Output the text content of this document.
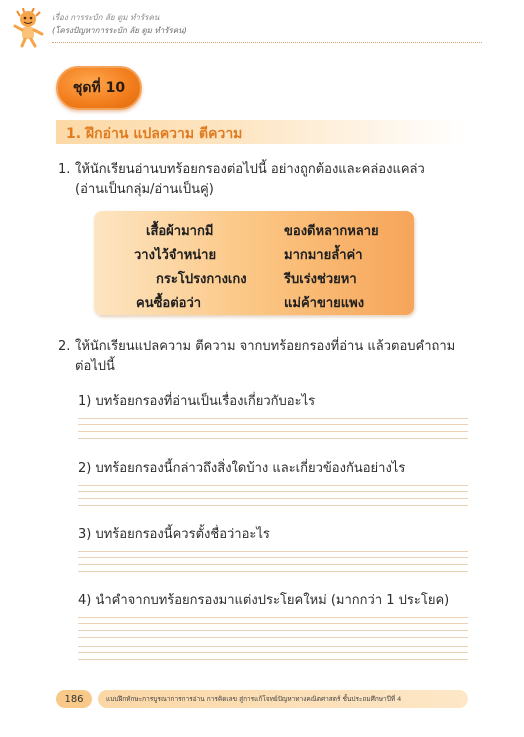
เรื่อง การระบัก ลัย ตูม ทำรัรคน
(โครงปัญหาการระบัก ลัย ตูม ทำรัรคน)
ชุดที่ 10
1. ฝึกอ่าน แปลความ ตีความ
1. ให้นักเรียนอ่านบทร้อยกรองต่อไปนี้ อย่างถูกต้องและคล่องแคล่ว
(อ่านเป็นกลุ่ม/อ่านเป็นคู่)
เสื้อผ้ามากมี	ของดีหลากหลาย
วางไว้จำหน่าย	มากมายล้ำค่า
กระโปรงกางเกง	รีบเร่งช่วยหา
คนซื้อต่อว่า	แม่ค้าขายแพง
2. ให้นักเรียนแปลความ ตีความ จากบทร้อยกรองที่อ่าน แล้วตอบคำถาม
ต่อไปนี้
1) บทร้อยกรองที่อ่านเป็นเรื่องเกี่ยวกับอะไร
2) บทร้อยกรองนี้กล่าวถึงสิ่งใดบ้าง และเกี่ยวข้องกันอย่างไร
3) บทร้อยกรองนี้ควรตั้งชื่อว่าอะไร
4) นำคำจากบทร้อยกรองมาแต่งประโยคใหม่ (มากกว่า 1 ประโยค)
186	แบบฝึกทักษะการบูรณาการการอ่าน การคิดเลข สู่การแก้โจทย์ปัญหาทางคณิตศาสตร์ ชั้นประถมศึกษาปีที่ 4
